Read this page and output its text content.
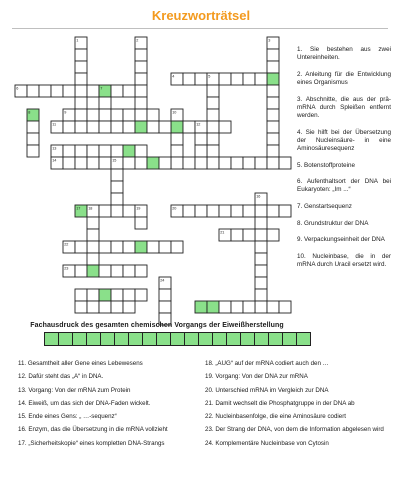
Kreuzworträtsel
1	2	3
4	5
6	7
8	9	10
11	12
13
14	15
16
17 18	19	20
21
22
23
24
1. Sie bestehen aus zwei Untereinheiten.
2. Anleitung für die Entwicklung eines Organismus
3. Abschnitte, die aus der prä-mRNA durch Spleißen entfernt werden.
4. Sie hilft bei der Übersetzung der Nucleinsäure- in eine Aminosäuresequenz
5. Botenstoffproteine
6. Aufenthaltsort der DNA bei Eukaryoten: „Im ...“
7. Genstartsequenz
8. Grundstruktur der DNA
9. Verpackungseinheit der DNA
10. Nucleinbase, die in der mRNA durch Uracil ersetzt wird.
Fachausdruck des gesamten chemischen Vorgangs der Eiweißherstellung
11. Gesamtheit aller Gene eines Lebewesens
12. Dafür steht das „A“ in DNA.
13. Vorgang: Von der mRNA zum Protein
14. Eiweiß, um das sich der DNA-Faden wickelt.
15. Ende eines Gens: „ …-sequenz“
16. Enzym, das die Übersetzung in die mRNA vollzieht
17. „Sicherheitskopie“ eines kompletten DNA-Strangs
18. „AUG“ auf der mRNA codiert auch den …
19. Vorgang: Von der DNA zur mRNA
20. Unterschied mRNA im Vergleich zur DNA
21. Damit wechselt die Phosphatgruppe in der DNA ab
22. Nucleinbasenfolge, die eine Aminosäure codiert
23. Der Strang der DNA, von dem die Information abgelesen wird
24. Komplementäre Nucleinbase von Cytosin
